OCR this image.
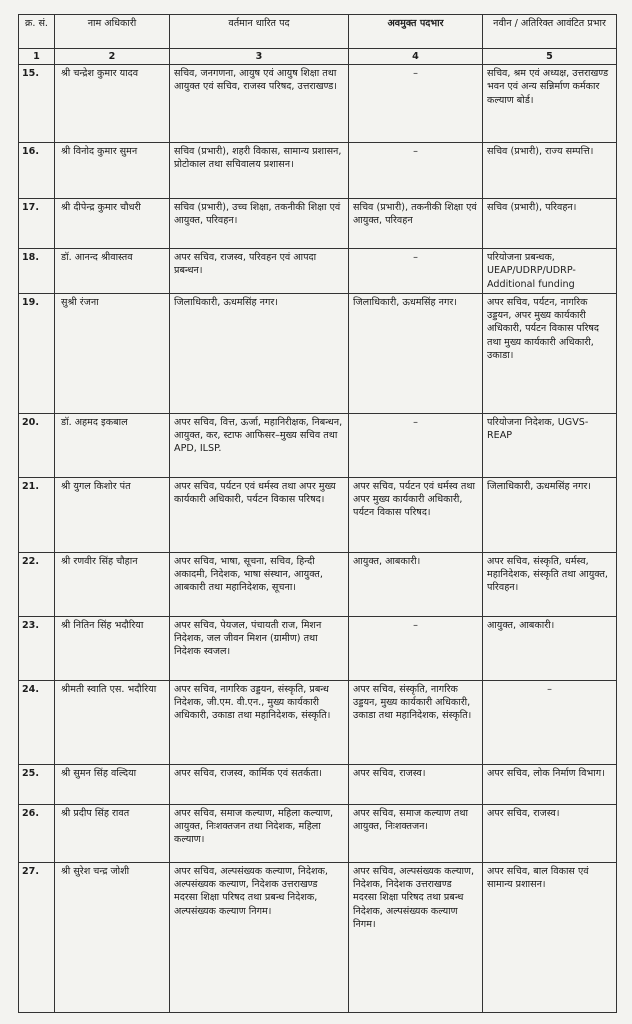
क्र. सं.	नाम अधिकारी	वर्तमान धारित पद	अवमुक्त पदभार	नवीन / अतिरिक्त आवंटित प्रभार
1	2	3	4	5
15.	श्री चन्द्रेश कुमार यादव	सचिव, जनगणना, आयुष एवं आयुष शिक्षा तथा आयुक्त एवं सचिव, राजस्व परिषद, उत्तराखण्ड।	–	सचिव, श्रम एवं अध्यक्ष, उत्तराखण्ड भवन एवं अन्य सन्निर्माण कर्मकार कल्याण बोर्ड।
16.	श्री विनोद कुमार सुमन	सचिव (प्रभारी), शहरी विकास, सामान्य प्रशासन, प्रोटोकाल तथा सचिवालय प्रशासन।	–	सचिव (प्रभारी), राज्य सम्पत्ति।
17.	श्री दीपेन्द्र कुमार चौधरी	सचिव (प्रभारी), उच्च शिक्षा, तकनीकी शिक्षा एवं आयुक्त, परिवहन।	सचिव (प्रभारी), तकनीकी शिक्षा एवं आयुक्त, परिवहन	सचिव (प्रभारी), परिवहन।
18.	डॉ. आनन्द श्रीवास्तव	अपर सचिव, राजस्व, परिवहन एवं आपदा प्रबन्धन।	–	परियोजना प्रबन्धक, UEAP/UDRP/UDRP- Additional funding
19.	सुश्री रंजना	जिलाधिकारी, ऊधमसिंह नगर।	जिलाधिकारी, ऊधमसिंह नगर।	अपर सचिव, पर्यटन, नागरिक उड्डयन, अपर मुख्य कार्यकारी अधिकारी, पर्यटन विकास परिषद तथा मुख्य कार्यकारी अधिकारी, उकाडा।
20.	डॉ. अहमद इकबाल	अपर सचिव, वित्त, ऊर्जा, महानिरीक्षक, निबन्धन, आयुक्त, कर, स्टाफ आफिसर–मुख्य सचिव तथा APD, ILSP.	–	परियोजना निदेशक, UGVS-REAP
21.	श्री युगल किशोर पंत	अपर सचिव, पर्यटन एवं धर्मस्व तथा अपर मुख्य कार्यकारी अधिकारी, पर्यटन विकास परिषद।	अपर सचिव, पर्यटन एवं धर्मस्व तथा अपर मुख्य कार्यकारी अधिकारी, पर्यटन विकास परिषद।	जिलाधिकारी, ऊधमसिंह नगर।
22.	श्री रणवीर सिंह चौहान	अपर सचिव, भाषा, सूचना, सचिव, हिन्दी अकादमी, निदेशक, भाषा संस्थान, आयुक्त, आबकारी तथा महानिदेशक, सूचना।	आयुक्त, आबकारी।	अपर सचिव, संस्कृति, धर्मस्व, महानिदेशक, संस्कृति तथा आयुक्त, परिवहन।
23.	श्री नितिन सिंह भदौरिया	अपर सचिव, पेयजल, पंचायती राज, मिशन निदेशक, जल जीवन मिशन (ग्रामीण) तथा निदेशक स्वजल।	–	आयुक्त, आबकारी।
24.	श्रीमती स्वाति एस. भदौरिया	अपर सचिव, नागरिक उड्डयन, संस्कृति, प्रबन्ध निदेशक, जी.एम. वी.एन., मुख्य कार्यकारी अधिकारी, उकाडा तथा महानिदेशक, संस्कृति।	अपर सचिव, संस्कृति, नागरिक उड्डयन, मुख्य कार्यकारी अधिकारी, उकाडा तथा महानिदेशक, संस्कृति।	–
25.	श्री सुमन सिंह वल्दिया	अपर सचिव, राजस्व, कार्मिक एवं सतर्कता।	अपर सचिव, राजस्व।	अपर सचिव, लोक निर्माण विभाग।
26.	श्री प्रदीप सिंह रावत	अपर सचिव, समाज कल्याण, महिला कल्याण, आयुक्त, निःशक्तजन तथा निदेशक, महिला कल्याण।	अपर सचिव, समाज कल्याण तथा आयुक्त, निःशक्तजन।	अपर सचिव, राजस्व।
27.	श्री सुरेश चन्द्र जोशी	अपर सचिव, अल्पसंख्यक कल्याण, निदेशक, अल्पसंख्यक कल्याण, निदेशक उत्तराखण्ड मदरसा शिक्षा परिषद तथा प्रबन्ध निदेशक, अल्पसंख्यक कल्याण निगम।	अपर सचिव, अल्पसंख्यक कल्याण, निदेशक, निदेशक उत्तराखण्ड मदरसा शिक्षा परिषद तथा प्रबन्ध निदेशक, अल्पसंख्यक कल्याण निगम।	अपर सचिव, बाल विकास एवं सामान्य प्रशासन।
